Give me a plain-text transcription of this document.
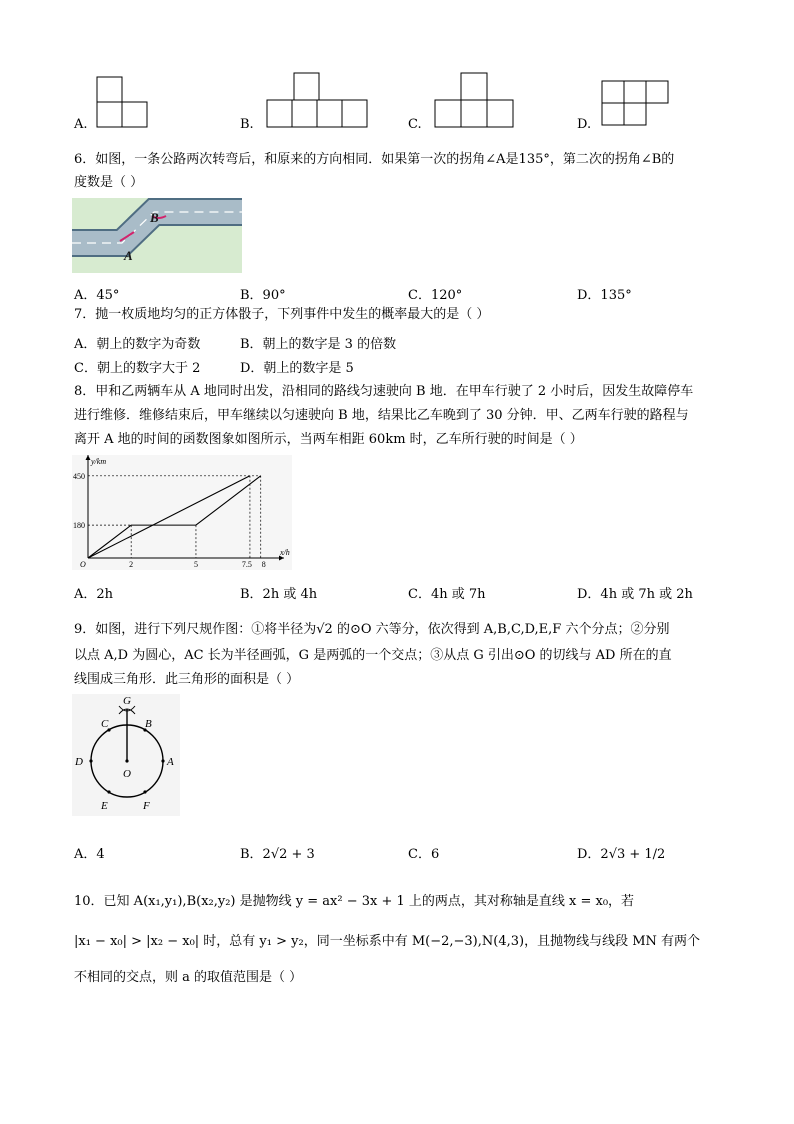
A.	B.	C.	D.
6．如图，一条公路两次转弯后，和原来的方向相同．如果第一次的拐角∠A是135°，第二次的拐角∠B的
度数是（ ）
A
B
A．45°	B．90°	C．120°	D．135°
7．抛一枚质地均匀的正方体骰子，下列事件中发生的概率最大的是（ ）
A．朝上的数字为奇数	B．朝上的数字是 3 的倍数
C．朝上的数字大于 2	D．朝上的数字是 5
8．甲和乙两辆车从 A 地同时出发，沿相同的路线匀速驶向 B 地．在甲车行驶了 2 小时后，因发生故障停车
进行维修．维修结束后，甲车继续以匀速驶向 B 地，结果比乙车晚到了 30 分钟．甲、乙两车行驶的路程与
离开 A 地的时间的函数图象如图所示，当两车相距 60km 时，乙车所行驶的时间是（ ）
y/km
x/h
O
450
180
2	5	7.5 8
A．2h	B．2h 或 4h	C．4h 或 7h	D．4h 或 7h 或 2h
9．如图，进行下列尺规作图：①将半径为√2 的⊙O 六等分，依次得到 A,B,C,D,E,F 六个分点；②分别
以点 A,D 为圆心，AC 长为半径画弧，G 是两弧的一个交点；③从点 G 引出⊙O 的切线与 AD 所在的直
线围成三角形．此三角形的面积是（ ）
G
C	B
D
O
A
E	F
A．4	B．2√2 + 3	C．6	D．2√3 + 1/2
10．已知 A(x₁,y₁),B(x₂,y₂) 是抛物线 y = ax² − 3x + 1 上的两点，其对称轴是直线 x = x₀，若
|x₁ − x₀| > |x₂ − x₀| 时，总有 y₁ > y₂，同一坐标系中有 M(−2,−3),N(4,3)，且抛物线与线段 MN 有两个
不相同的交点，则 a 的取值范围是（ ）
